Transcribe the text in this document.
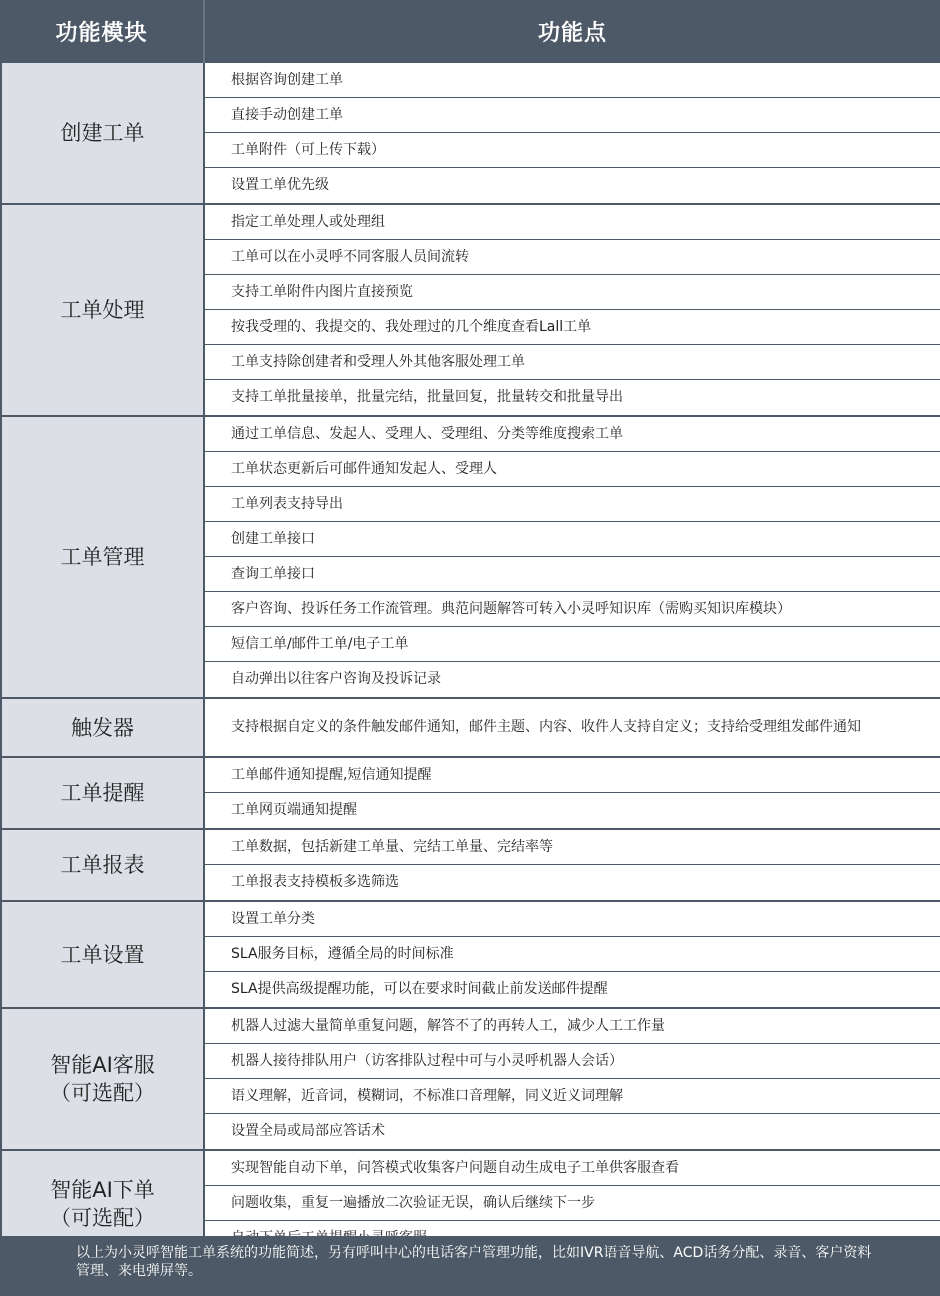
功能模块	功能点
创建工单
根据咨询创建工单
直接手动创建工单
工单附件（可上传下载）
设置工单优先级
工单处理
指定工单处理人或处理组
工单可以在小灵呼不同客服人员间流转
支持工单附件内图片直接预览
按我受理的、我提交的、我处理过的几个维度查看Lall工单
工单支持除创建者和受理人外其他客服处理工单
支持工单批量接单，批量完结，批量回复，批量转交和批量导出
工单管理
通过工单信息、发起人、受理人、受理组、分类等维度搜索工单
工单状态更新后可邮件通知发起人、受理人
工单列表支持导出
创建工单接口
查询工单接口
客户咨询、投诉任务工作流管理。典范问题解答可转入小灵呼知识库（需购买知识库模块）
短信工单/邮件工单/电子工单
自动弹出以往客户咨询及投诉记录
触发器	支持根据自定义的条件触发邮件通知，邮件主题、内容、收件人支持自定义；支持给受理组发邮件通知
工单提醒
工单邮件通知提醒,短信通知提醒
工单网页端通知提醒
工单报表
工单数据，包括新建工单量、完结工单量、完结率等
工单报表支持模板多选筛选
工单设置
设置工单分类
SLA服务目标，遵循全局的时间标准
SLA提供高级提醒功能，可以在要求时间截止前发送邮件提醒
智能AI客服
（可选配）
机器人过滤大量简单重复问题，解答不了的再转人工，减少人工工作量
机器人接待排队用户（访客排队过程中可与小灵呼机器人会话）
语义理解，近音词，模糊词，不标准口音理解，同义近义词理解
设置全局或局部应答话术
智能AI下单
（可选配）
实现智能自动下单，问答模式收集客户问题自动生成电子工单供客服查看
问题收集，重复一遍播放二次验证无误，确认后继续下一步
以上为小灵呼智能工单系统的功能简述，另有呼叫中心的电话客户管理功能，比如IVR语音导航、ACD话务分配、录音、客户资料管理、来电弹屏等。
